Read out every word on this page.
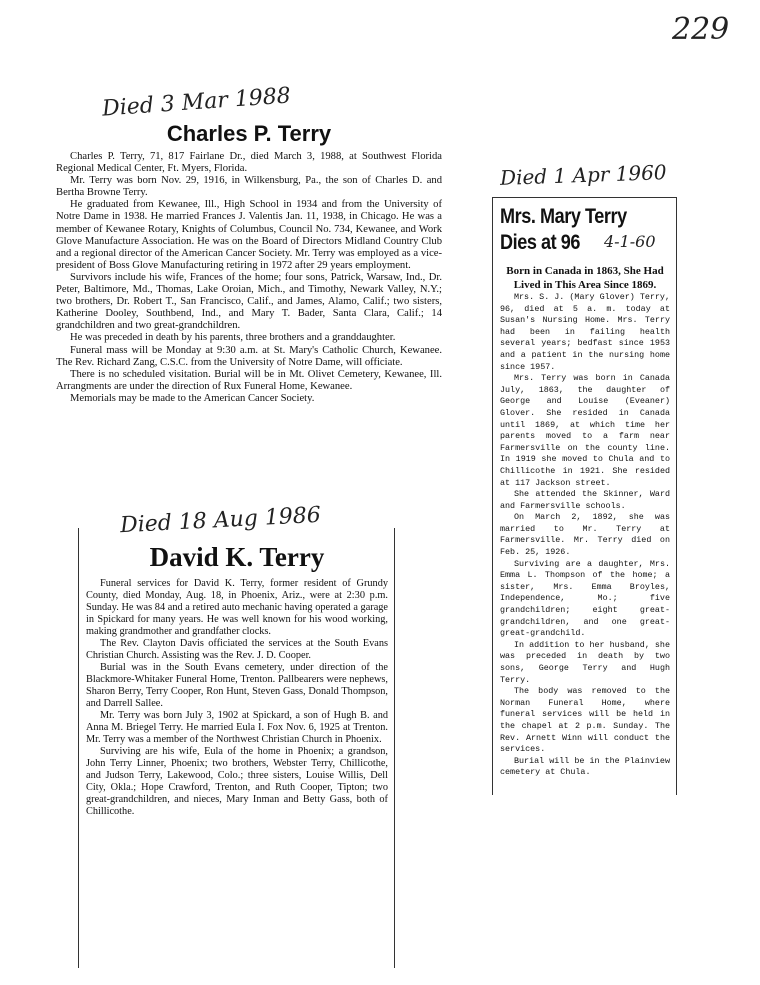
229
Died 3 Mar 1988
Charles P. Terry

Charles P. Terry, 71, 817 Fairlane Dr., died March 3, 1988, at Southwest Florida Regional Medical Center, Ft. Myers, Florida.

Mr. Terry was born Nov. 29, 1916, in Wilkensburg, Pa., the son of Charles D. and Bertha Browne Terry.

He graduated from Kewanee, Ill., High School in 1934 and from the University of Notre Dame in 1938. He married Frances J. Valentis Jan. 11, 1938, in Chicago. He was a member of Kewanee Rotary, Knights of Columbus, Council No. 734, Kewanee, and Work Glove Manufacture Association. He was on the Board of Directors Midland Country Club and a regional director of the American Cancer Society. Mr. Terry was employed as a vice-president of Boss Glove Manufacturing retiring in 1972 after 29 years employment.

Survivors include his wife, Frances of the home; four sons, Patrick, Warsaw, Ind., Dr. Peter, Baltimore, Md., Thomas, Lake Oroian, Mich., and Timothy, Newark Valley, N.Y.; two brothers, Dr. Robert T., San Francisco, Calif., and James, Alamo, Calif.; two sisters, Katherine Dooley, Southbend, Ind., and Mary T. Bader, Santa Clara, Calif.; 14 grandchildren and two great-grandchildren.

He was preceded in death by his parents, three brothers and a granddaughter.

Funeral mass will be Monday at 9:30 a.m. at St. Mary's Catholic Church, Kewanee. The Rev. Richard Zang, C.S.C. from the University of Notre Dame, will officiate.

There is no scheduled visitation. Burial will be in Mt. Olivet Cemetery, Kewanee, Ill. Arrangments are under the direction of Rux Funeral Home, Kewanee.

Memorials may be made to the American Cancer Society.

Died 18 Aug 1986
David K. Terry

Funeral services for David K. Terry, former resident of Grundy County, died Monday, Aug. 18, in Phoenix, Ariz., were at 2:30 p.m. Sunday. He was 84 and a retired auto mechanic having operated a garage in Spickard for many years. He was well known for his wood working, making grandmother and grandfather clocks.

The Rev. Clayton Davis officiated the services at the South Evans Christian Church. Assisting was the Rev. J. D. Cooper.

Burial was in the South Evans cemetery, under direction of the Blackmore-Whitaker Funeral Home, Trenton. Pallbearers were nephews, Sharon Berry, Terry Cooper, Ron Hunt, Steven Gass, Donald Thompson, and Darrell Sallee.

Mr. Terry was born July 3, 1902 at Spickard, a son of Hugh B. and Anna M. Briegel Terry. He married Eula I. Fox Nov. 6, 1925 at Trenton. Mr. Terry was a member of the Northwest Christian Church in Phoenix.

Surviving are his wife, Eula of the home in Phoenix; a grandson, John Terry Linner, Phoenix; two brothers, Webster Terry, Chillicothe, and Judson Terry, Lakewood, Colo.; three sisters, Louise Willis, Dell City, Okla.; Hope Crawford, Trenton, and Ruth Cooper, Tipton; two great-grandchildren, and nieces, Mary Inman and Betty Gass, both of Chillicothe.

Died 1 Apr 1960
Mrs. Mary Terry
Dies at 96	4-1-60

Born in Canada in 1863, She Had Lived in This Area Since 1869.

Mrs. S. J. (Mary Glover) Terry, 96, died at 5 a. m. today at Susan's Nursing Home. Mrs. Terry had been in failing health several years; bedfast since 1953 and a patient in the nursing home since 1957.

Mrs. Terry was born in Canada July, 1863, the daughter of George and Louise (Eveaner) Glover. She resided in Canada until 1869, at which time her parents moved to a farm near Farmersville on the county line. In 1919 she moved to Chula and to Chillicothe in 1921. She resided at 117 Jackson street.

She attended the Skinner, Ward and Farmersville schools.

On March 2, 1892, she was married to Mr. Terry at Farmersville. Mr. Terry died on Feb. 25, 1926.

Surviving are a daughter, Mrs. Emma L. Thompson of the home; a sister, Mrs. Emma Broyles, Independence, Mo.; five grandchildren; eight great-grandchildren, and one great-great-grandchild.

In addition to her husband, she was preceded in death by two sons, George Terry and Hugh Terry.

The body was removed to the Norman Funeral Home, where funeral services will be held in the chapel at 2 p.m. Sunday. The Rev. Arnett Winn will conduct the services.

Burial will be in the Plainview cemetery at Chula.
